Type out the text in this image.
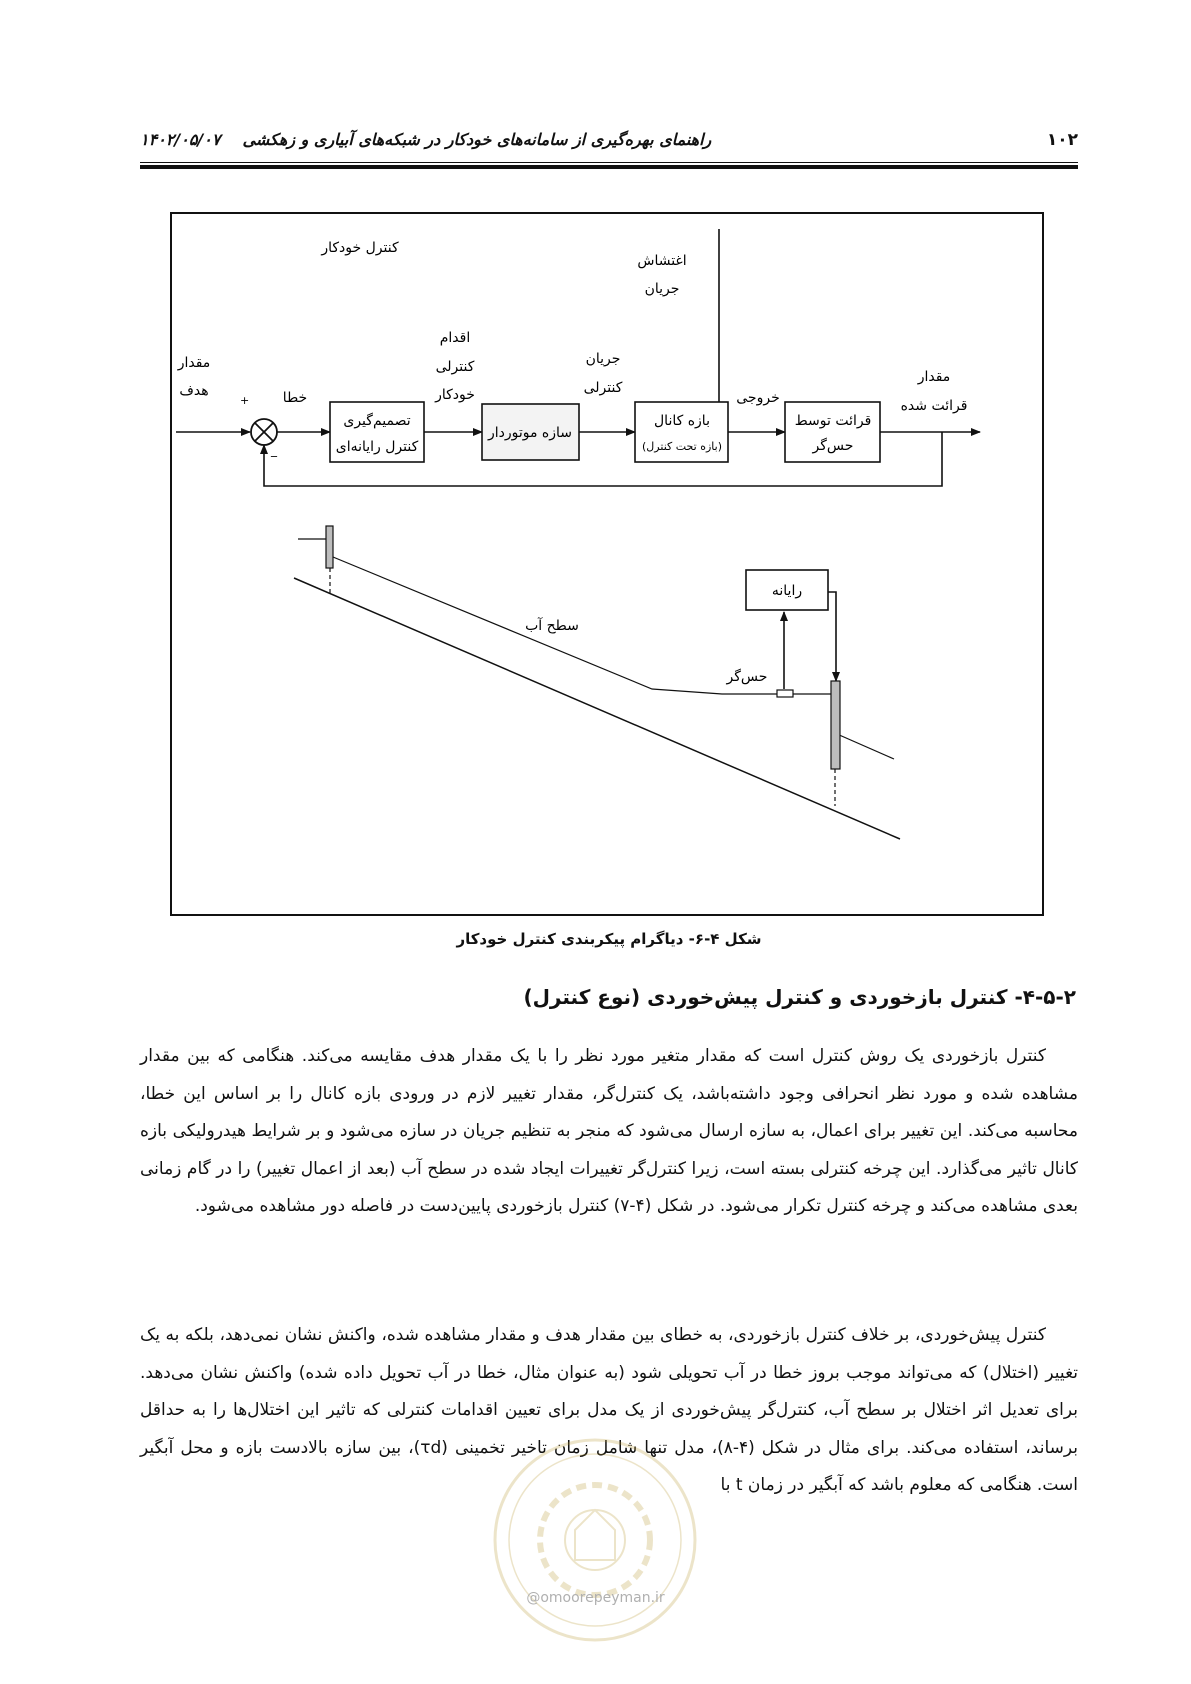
۱۰۲
راهنمای بهره‌گیری از سامانه‌های خودکار در شبکه‌های آبیاری و زهکشی۱۴۰۲/۰۵/۰۷
کنترل خودکار
اغتشاش
جریان
مقدار
هدف
+
_
خطا
تصمیم‌گیری
کنترل رایانه‌ای
اقدام
کنترلی
خودکار
سازه موتوردار
جریان
کنترلی
بازه کانال
(بازه تحت کنترل)
خروجی
قرائت توسط
حس‌گر
مقدار
قرائت شده
سطح آب
رایانه
حس‌گر
شکل ۴-۶- دیاگرام پیکربندی کنترل خودکار
۴-۵-۲- کنترل بازخوردی و کنترل پیش‌خوردی (نوع کنترل)

کنترل بازخوردی یک روش کنترل است که مقدار متغیر مورد نظر را با یک مقدار هدف مقایسه می‌کند. هنگامی که بین مقدار مشاهده شده و مورد نظر انحرافی وجود داشته‌باشد، یک کنترل‌گر، مقدار تغییر لازم در ورودی بازه کانال را بر اساس این خطا، محاسبه می‌کند. این تغییر برای اعمال، به سازه ارسال می‌شود که منجر به تنظیم جریان در سازه می‌شود و بر شرایط هیدرولیکی بازه کانال تاثیر می‌گذارد. این چرخه کنترلی بسته است، زیرا کنترل‌گر تغییرات ایجاد شده در سطح آب (بعد از اعمال تغییر) را در گام زمانی بعدی مشاهده می‌کند و چرخه کنترل تکرار می‌شود. در شکل (۴-۷) کنترل بازخوردی پایین‌دست در فاصله دور مشاهده می‌شود.

کنترل پیش‌خوردی، بر خلاف کنترل بازخوردی، به خطای بین مقدار هدف و مقدار مشاهده شده، واکنش نشان نمی‌دهد، بلکه به یک تغییر (اختلال) که می‌تواند موجب بروز خطا در آب تحویلی شود (به عنوان مثال، خطا در آب تحویل داده شده) واکنش نشان می‌دهد. برای تعدیل اثر اختلال بر سطح آب، کنترل‌گر پیش‌خوردی از یک مدل برای تعیین اقدامات کنترلی که تاثیر این اختلال‌ها را به حداقل برساند، استفاده می‌کند. برای مثال در شکل (۴-۸)، مدل تنها شامل زمان تاخیر تخمینی (τd)، بین سازه بالادست بازه و محل آبگیر است. هنگامی که معلوم باشد که آبگیر در زمان t با

@omoorepeyman.ir
